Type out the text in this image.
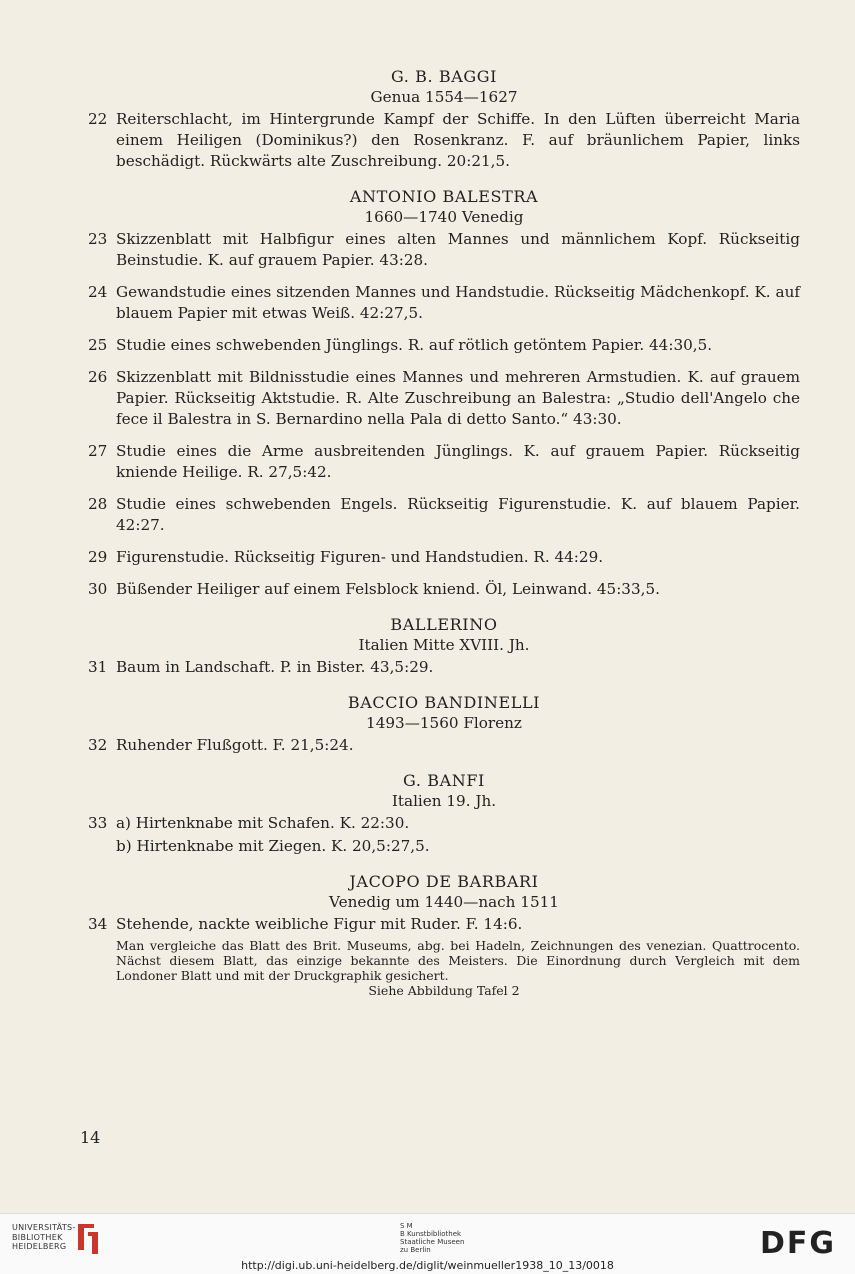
G. B. BAGGI
Genua 1554—1627
22 Reiterschlacht, im Hintergrunde Kampf der Schiffe. In den Lüften überreicht Maria einem Heiligen (Dominikus?) den Rosenkranz. F. auf bräunlichem Papier, links beschädigt. Rückwärts alte Zuschreibung. 20:21,5.
ANTONIO BALESTRA
1660—1740 Venedig
23 Skizzenblatt mit Halbfigur eines alten Mannes und männlichem Kopf. Rückseitig Beinstudie. K. auf grauem Papier. 43:28.
24 Gewandstudie eines sitzenden Mannes und Handstudie. Rückseitig Mädchenkopf. K. auf blauem Papier mit etwas Weiß. 42:27,5.
25 Studie eines schwebenden Jünglings. R. auf rötlich getöntem Papier. 44:30,5.
26 Skizzenblatt mit Bildnisstudie eines Mannes und mehreren Armstudien. K. auf grauem Papier. Rückseitig Aktstudie. R. Alte Zuschreibung an Balestra: „Studio dell'Angelo che fece il Balestra in S. Bernardino nella Pala di detto Santo.“ 43:30.
27 Studie eines die Arme ausbreitenden Jünglings. K. auf grauem Papier. Rückseitig kniende Heilige. R. 27,5:42.
28 Studie eines schwebenden Engels. Rückseitig Figurenstudie. K. auf blauem Papier. 42:27.
29 Figurenstudie. Rückseitig Figuren- und Handstudien. R. 44:29.
30 Büßender Heiliger auf einem Felsblock kniend. Öl, Leinwand. 45:33,5.
BALLERINO
Italien Mitte XVIII. Jh.
31 Baum in Landschaft. P. in Bister. 43,5:29.
BACCIO BANDINELLI
1493—1560 Florenz
32 Ruhender Flußgott. F. 21,5:24.
G. BANFI
Italien 19. Jh.
33 a) Hirtenknabe mit Schafen. K. 22:30.
b) Hirtenknabe mit Ziegen. K. 20,5:27,5.
JACOPO DE BARBARI
Venedig um 1440—nach 1511
34 Stehende, nackte weibliche Figur mit Ruder. F. 14:6.
Man vergleiche das Blatt des Brit. Museums, abg. bei Hadeln, Zeichnungen des venezian. Quattrocento. Nächst diesem Blatt, das einzige bekannte des Meisters. Die Einordnung durch Vergleich mit dem Londoner Blatt und mit der Druckgraphik gesichert.
Siehe Abbildung Tafel 2
14
UNIVERSITÄTS-
BIBLIOTHEK
HEIDELBERG
S M
B Kunstbibliothek
Staatliche Museen
zu Berlin	DFG
http://digi.ub.uni-heidelberg.de/diglit/weinmueller1938_10_13/0018
